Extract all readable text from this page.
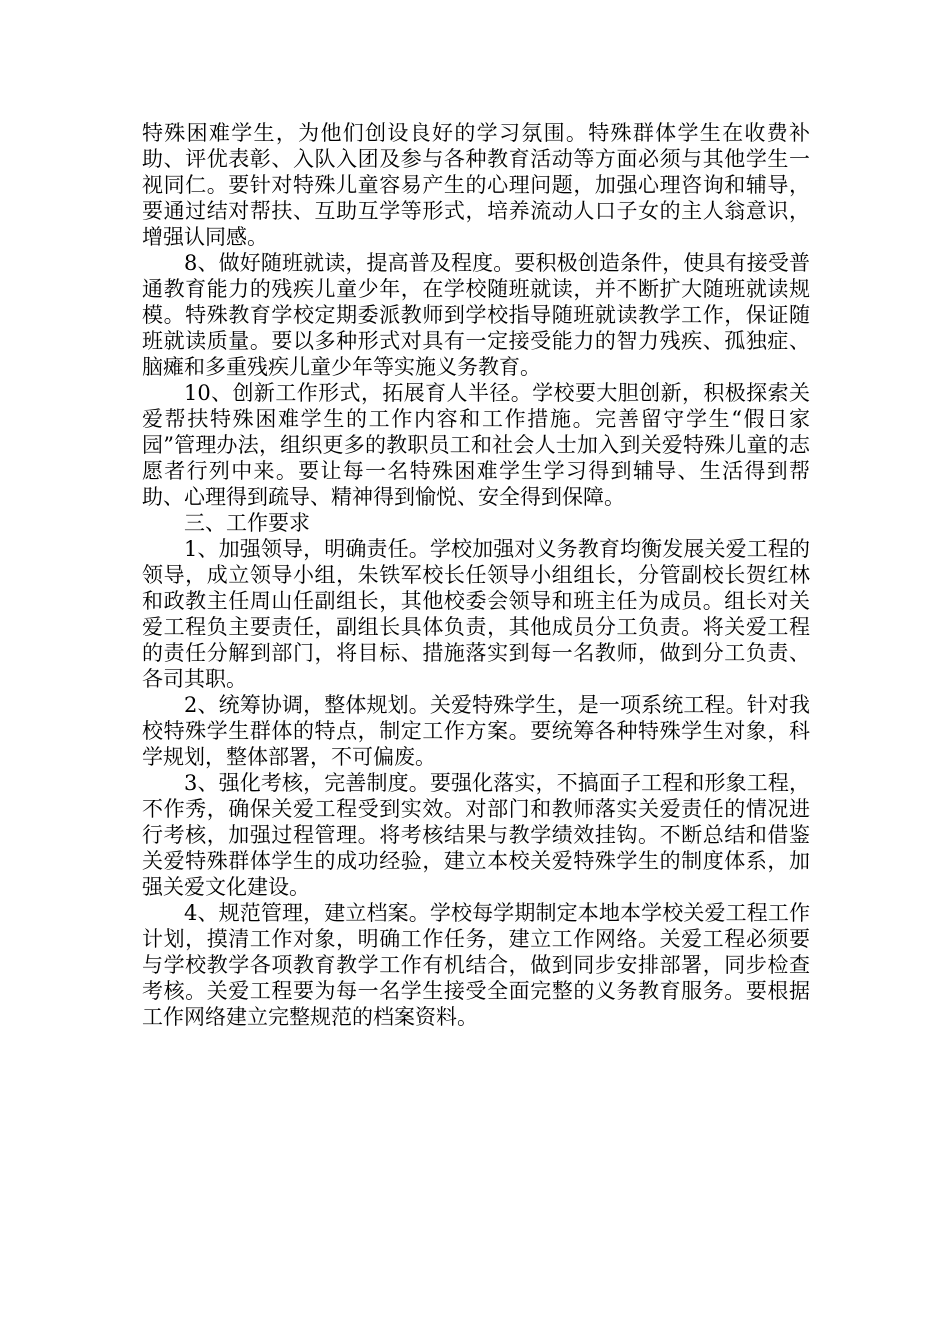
特殊困难学生，为他们创设良好的学习氛围。特殊群体学生在收费补助、评优表彰、入队入团及参与各种教育活动等方面必须与其他学生一视同仁。要针对特殊儿童容易产生的心理问题，加强心理咨询和辅导，要通过结对帮扶、互助互学等形式，培养流动人口子女的主人翁意识，增强认同感。

8、做好随班就读，提高普及程度。要积极创造条件，使具有接受普通教育能力的残疾儿童少年，在学校随班就读，并不断扩大随班就读规模。特殊教育学校定期委派教师到学校指导随班就读教学工作，保证随班就读质量。要以多种形式对具有一定接受能力的智力残疾、孤独症、脑瘫和多重残疾儿童少年等实施义务教育。

10、创新工作形式，拓展育人半径。学校要大胆创新，积极探索关爱帮扶特殊困难学生的工作内容和工作措施。完善留守学生“假日家园”管理办法，组织更多的教职员工和社会人士加入到关爱特殊儿童的志愿者行列中来。要让每一名特殊困难学生学习得到辅导、生活得到帮助、心理得到疏导、精神得到愉悦、安全得到保障。

三、工作要求

1、加强领导，明确责任。学校加强对义务教育均衡发展关爱工程的领导，成立领导小组，朱铁军校长任领导小组组长，分管副校长贺红林和政教主任周山任副组长，其他校委会领导和班主任为成员。组长对关爱工程负主要责任，副组长具体负责，其他成员分工负责。将关爱工程的责任分解到部门，将目标、措施落实到每一名教师，做到分工负责、各司其职。

2、统筹协调，整体规划。关爱特殊学生，是一项系统工程。针对我校特殊学生群体的特点，制定工作方案。要统筹各种特殊学生对象，科学规划，整体部署，不可偏废。

3、强化考核，完善制度。要强化落实，不搞面子工程和形象工程，不作秀，确保关爱工程受到实效。对部门和教师落实关爱责任的情况进行考核，加强过程管理。将考核结果与教学绩效挂钩。不断总结和借鉴关爱特殊群体学生的成功经验，建立本校关爱特殊学生的制度体系，加强关爱文化建设。

4、规范管理，建立档案。学校每学期制定本地本学校关爱工程工作计划，摸清工作对象，明确工作任务，建立工作网络。关爱工程必须要与学校教学各项教育教学工作有机结合，做到同步安排部署，同步检查考核。关爱工程要为每一名学生接受全面完整的义务教育服务。要根据工作网络建立完整规范的档案资料。
